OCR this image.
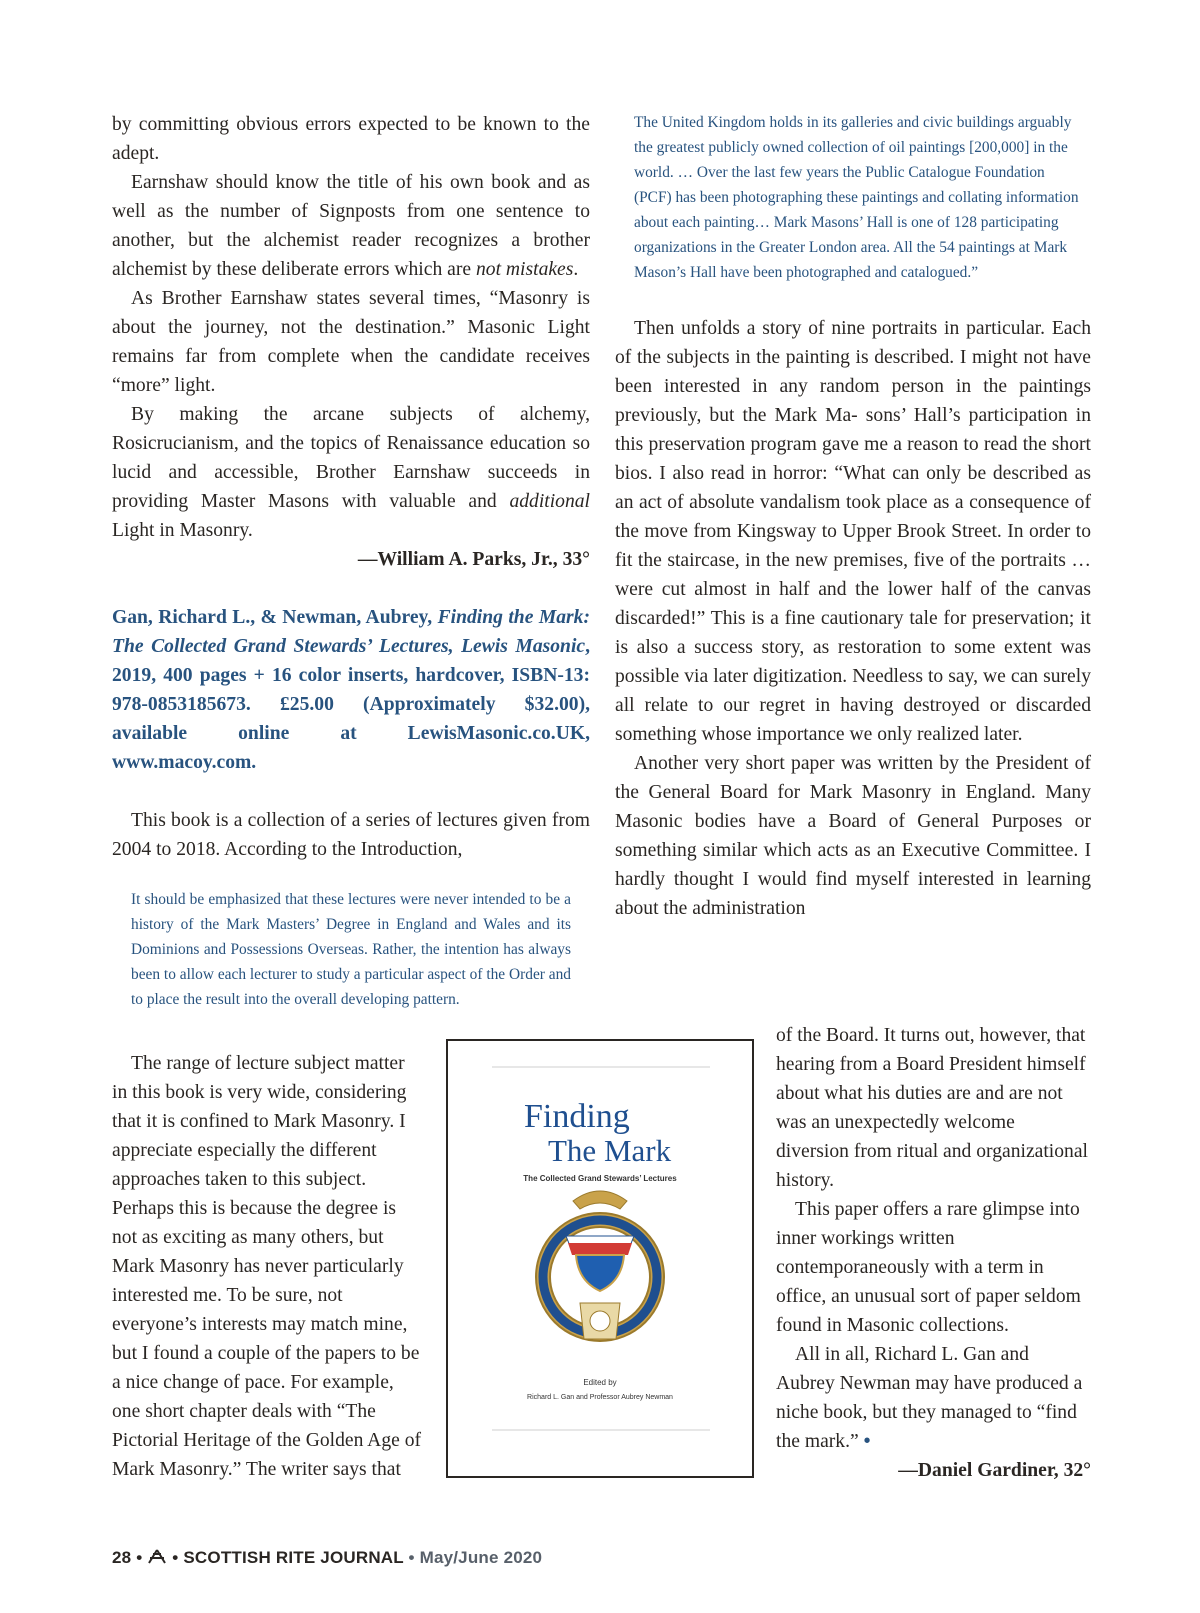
by committing obvious errors expected to be known to the adept.

Earnshaw should know the title of his own book and as well as the number of Signposts from one sentence to another, but the alchemist reader recognizes a brother alchemist by these deliberate errors which are not mistakes.

As Brother Earnshaw states several times, “Masonry is about the journey, not the destination.” Masonic Light remains far from complete when the candidate receives “more” light.

By making the arcane subjects of alchemy, Rosicrucianism, and the topics of Renaissance education so lucid and accessible, Brother Earnshaw succeeds in providing Master Masons with valuable and additional Light in Masonry.

—William A. Parks, Jr., 33°

Gan, Richard L., & Newman, Aubrey, Finding the Mark: The Collected Grand Stewards’ Lectures, Lewis Masonic, 2019, 400 pages + 16 color inserts, hardcover, ISBN-13: 978-0853185673. £25.00 (Approximately $32.00), available online at LewisMasonic.co.UK, www.macoy.com.

This book is a collection of a series of lectures given from 2004 to 2018. According to the Introduction,

It should be emphasized that these lectures were never intended to be a history of the Mark Masters’ Degree in England and Wales and its Dominions and Possessions Overseas. Rather, the intention has always been to allow each lecturer to study a particular aspect of the Order and to place the result into the overall developing pattern.

The range of lecture subject matter in this book is very wide, considering that it is confined to Mark Masonry. I appreciate especially the different approaches taken to this subject. Perhaps this is because the degree is not as exciting as many others, but Mark Masonry has never particularly interested me. To be sure, not everyone’s interests may match mine, but I found a couple of the papers to be a nice change of pace. For example, one short chapter deals with “The Pictorial Heritage of the Golden Age of Mark Masonry.” The writer says that

The United Kingdom holds in its galleries and civic buildings arguably the greatest publicly owned collection of oil paintings [200,000] in the world. … Over the last few years the Public Catalogue Foundation (PCF) has been photographing these paintings and collating information about each painting… Mark Masons’ Hall is one of 128 participating organizations in the Greater London area. All the 54 paintings at Mark Mason’s Hall have been photographed and catalogued.”

Then unfolds a story of nine portraits in particular. Each of the subjects in the painting is described. I might not have been interested in any random person in the paintings previously, but the Mark Ma- sons’ Hall’s participation in this preservation program gave me a reason to read the short bios. I also read in horror: “What can only be described as an act of absolute vandalism took place as a consequence of the move from Kingsway to Upper Brook Street. In order to fit the staircase, in the new premises, five of the portraits … were cut almost in half and the lower half of the canvas discarded!” This is a fine cautionary tale for preservation; it is also a success story, as restoration to some extent was possible via later digitization. Needless to say, we can surely all relate to our regret in having destroyed or discarded something whose importance we only realized later.

Another very short paper was written by the President of the General Board for Mark Masonry in England. Many Masonic bodies have a Board of General Purposes or something similar which acts as an Executive Committee. I hardly thought I would find myself interested in learning about the administration

of the Board. It turns out, however, that hearing from a Board President himself about what his duties are and are not was an unexpectedly welcome diversion from ritual and organizational history.

This paper offers a rare glimpse into inner workings written contemporaneously with a term in office, an unusual sort of paper seldom found in Masonic collections.

All in all, Richard L. Gan and Aubrey Newman may have produced a niche book, but they managed to “find the mark.” •

—Daniel Gardiner, 32°
Finding
The Mark
The Collected Grand Stewards’ Lectures
Edited by
Richard L. Gan and Professor Aubrey Newman
28 • • SCOTTISH RITE JOURNAL • May/June 2020
